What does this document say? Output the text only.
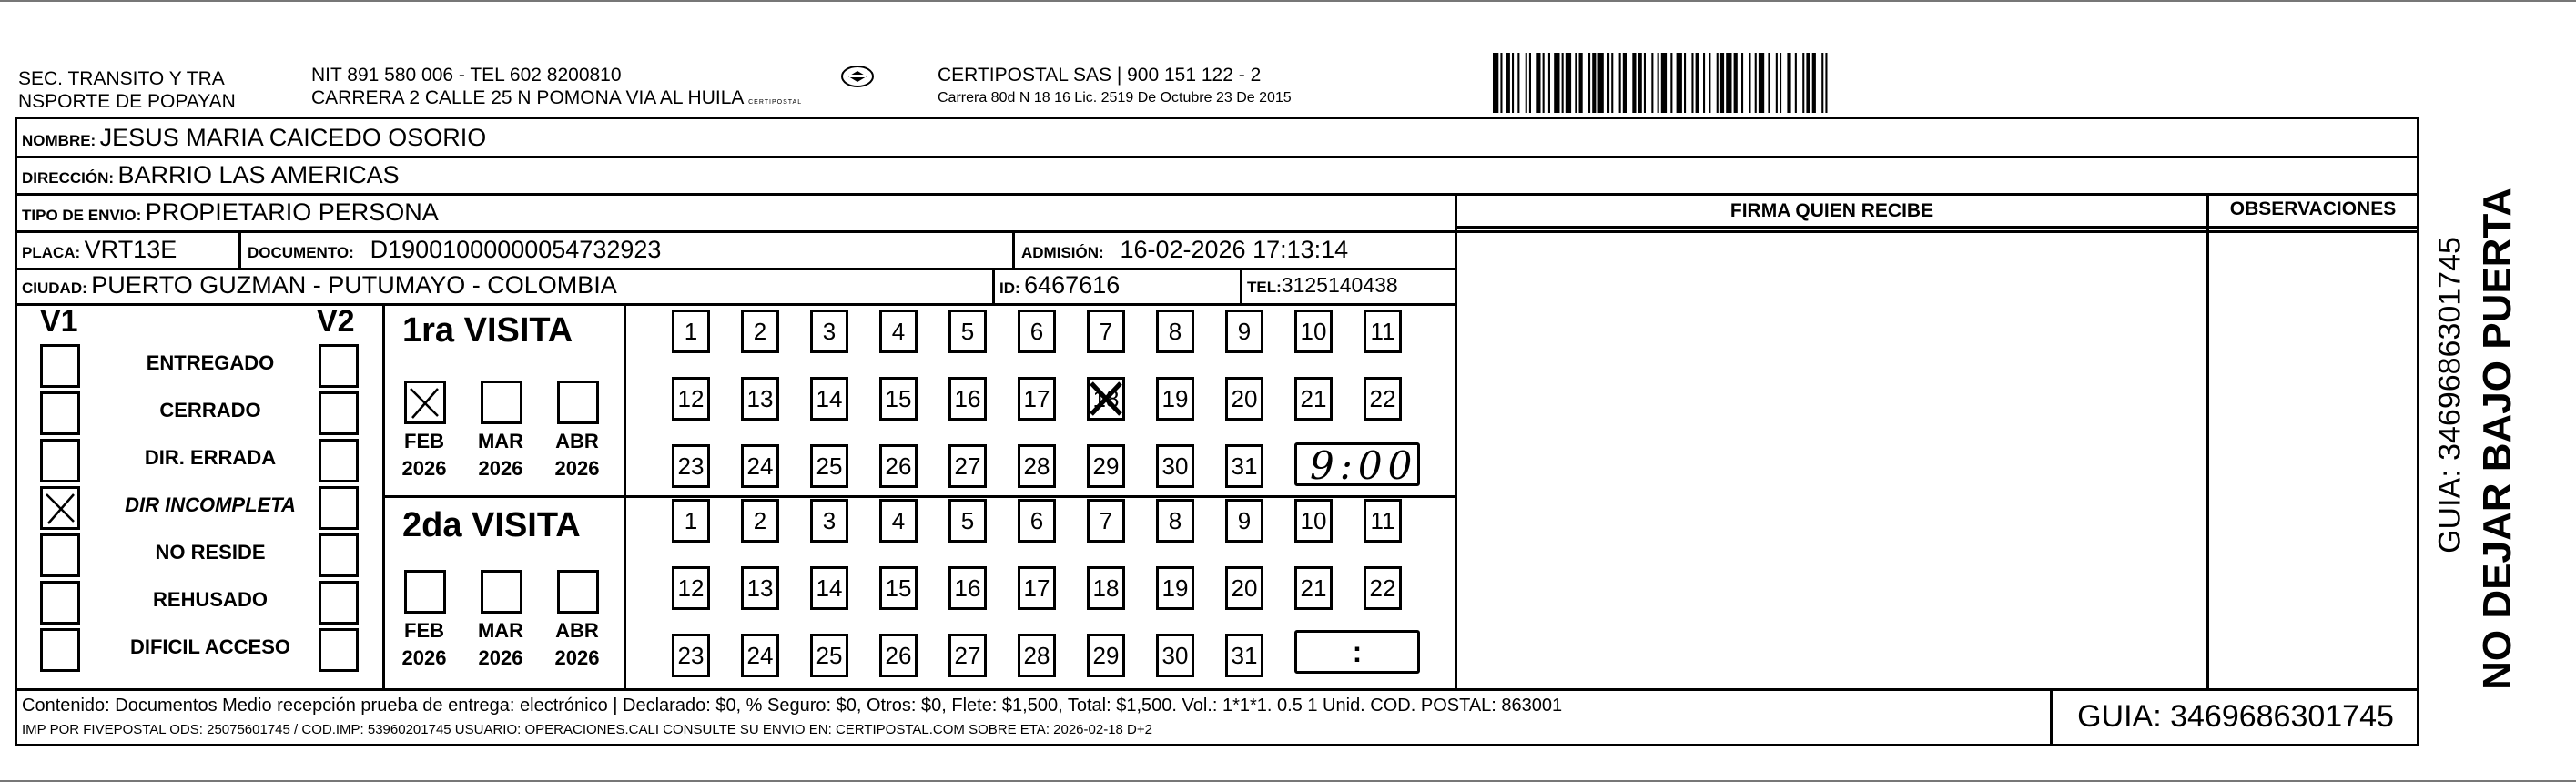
SEC. TRANSITO Y TRA
NSPORTE DE POPAYAN
NIT 891 580 006 - TEL 602 8200810
CARRERA 2 CALLE 25 N POMONA VIA AL HUILA CERTIPOSTAL
CERTIPOSTAL SAS | 900 151 122 - 2
Carrera 80d N 18 16 Lic. 2519 De Octubre 23 De 2015
NOMBRE: JESUS MARIA CAICEDO OSORIO
DIRECCIÓN: BARRIO LAS AMERICAS
TIPO DE ENVIO: PROPIETARIO PERSONA
PLACA: VRT13E	DOCUMENTO: D19001000000054732923	ADMISIÓN: 16-02-2026 17:13:14
CIUDAD: PUERTO GUZMAN - PUTUMAYO - COLOMBIA	ID: 6467616	TEL:3125140438
FIRMA QUIEN RECIBE	OBSERVACIONES
V1	V2
ENTREGADO
CERRADO
DIR. ERRADA
DIR INCOMPLETA
NO RESIDE
REHUSADO
DIFICIL ACCESO
1ra VISITA
2da VISITA
FEB
2026
MAR
2026
ABR
2026
FEB
2026
MAR
2026
ABR
2026
1	2	3	4	5	6	7	8	9	10 11
12 13 14 15 16 17 18 19 20 21 22
23 24 25 26 27 28 29 30 31
1	2	3	4	5	6	7	8	9	10 11
12 13 14 15 16 17 18 19 20 21 22
23 24 25 26 27 28 29 30 31
9:00
:	NO DEJAR BAJO PUERTA
GUIA: 3469686301745
Contenido: Documentos Medio recepción prueba de entrega: electrónico | Declarado: $0, % Seguro: $0, Otros: $0, Flete: $1,500, Total: $1,500. Vol.: 1*1*1. 0.5 1 Unid. COD. POSTAL: 863001
IMP POR FIVEPOSTAL ODS: 25075601745 / COD.IMP: 53960201745 USUARIO: OPERACIONES.CALI CONSULTE SU ENVIO EN: CERTIPOSTAL.COM SOBRE ETA: 2026-02-18 D+2	GUIA: 3469686301745
